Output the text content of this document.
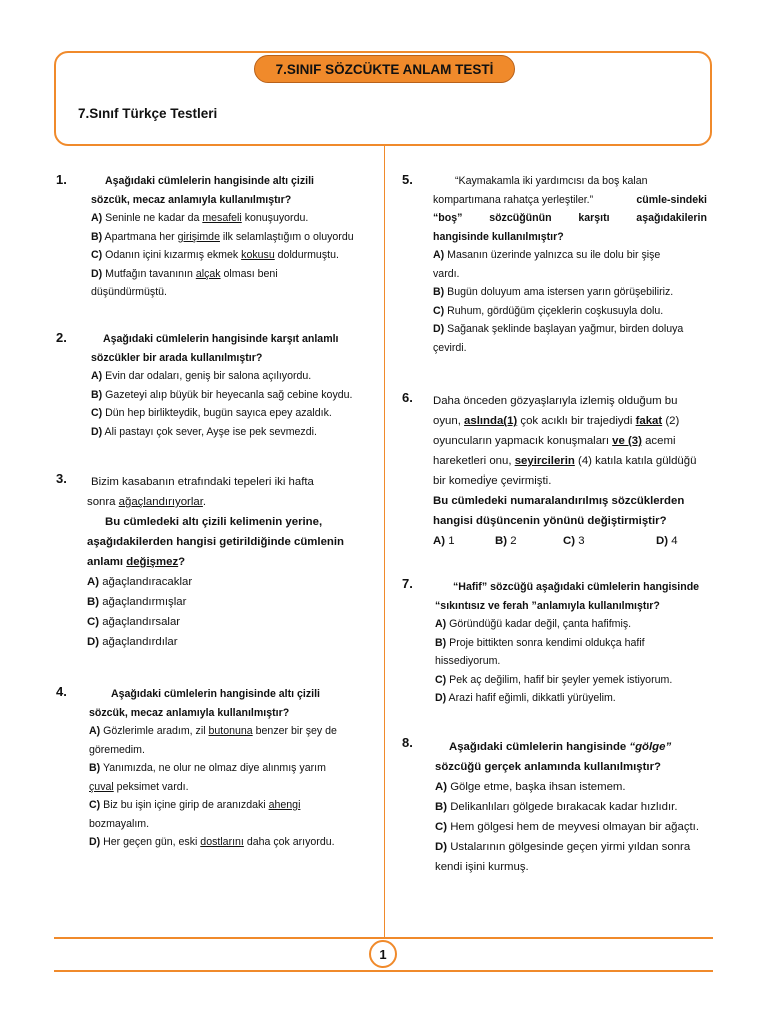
7.SINIF SÖZCÜKTE ANLAM TESTİ
7.Sınıf Türkçe Testleri
1
1.	Aşağıdaki cümlelerin hangisinde altı çizili
sözcük, mecaz anlamıyla kullanılmıştır?
A) Seninle ne kadar da mesafeli konuşuyordu.
B) Apartmana her girişimde ilk selamlaştığım o oluyordu
C) Odanın içini kızarmış ekmek kokusu doldurmuştu.
D) Mutfağın tavanının alçak olması beni
düşündürmüştü.
2.	Aşağıdaki cümlelerin hangisinde karşıt anlamlı
sözcükler bir arada kullanılmıştır?
A) Evin dar odaları, geniş bir salona açılıyordu.
B) Gazeteyi alıp büyük bir heyecanla sağ cebine koydu.
C) Dün hep birlikteydik, bugün sayıca epey azaldık.
D) Ali pastayı çok sever, Ayşe ise pek sevmezdi.
3.	Bizim kasabanın etrafındaki tepeleri iki hafta
sonra ağaçlandırıyorlar.
Bu cümledeki altı çizili kelimenin yerine,
aşağıdakilerden hangisi getirildiğinde cümlenin
anlamı değişmez?
A) ağaçlandıracaklar
B) ağaçlandırmışlar
C) ağaçlandırsalar
D) ağaçlandırdılar
4.	Aşağıdaki cümlelerin hangisinde altı çizili
sözcük, mecaz anlamıyla kullanılmıştır?
A) Gözlerimle aradım, zil butonuna benzer bir şey de
göremedim.
B) Yanımızda, ne olur ne olmaz diye alınmış yarım
çuval peksimet vardı.
C) Biz bu işin içine girip de aranızdaki ahengi
bozmayalım.
D) Her geçen gün, eski dostlarını daha çok arıyordu.
5.	“Kaymakamla iki yardımcısı da boş kalan
kompartımana rahatça yerleştiler.”	cümle-sindeki
“boş”	sözcüğünün	karşıtı	aşağıdakilerin
hangisinde kullanılmıştır?
A) Masanın üzerinde yalnızca su ile dolu bir şişe
vardı.
B) Bugün doluyum ama istersen yarın görüşebiliriz.
C) Ruhum, gördüğüm çiçeklerin coşkusuyla dolu.
D) Sağanak şeklinde başlayan yağmur, birden doluya
çevirdi.
6. Daha önceden gözyaşlarıyla izlemiş olduğum bu
oyun, aslında(1) çok acıklı bir trajediydi fakat (2)
oyuncuların yapmacık konuşmaları ve (3) acemi
hareketleri onu, seyircilerin (4) katıla katıla güldüğü
bir komedi̇ye çevirmişti.
Bu cümledeki numaralandırılmış sözcüklerden
hangisi düşüncenin yönünü değiştirmiştir?
A) 1	B) 2	C) 3	D) 4
7.	“Hafif” sözcüğü aşağıdaki cümlelerin hangisinde
“sıkıntısız ve ferah ”anlamıyla kullanılmıştır?
A) Göründüğü kadar değil, çanta hafifmiş.
B) Proje bittikten sonra kendimi oldukça hafif
hissediyorum.
C) Pek aç değilim, hafif bir şeyler yemek istiyorum.
D) Arazi hafif eğimli, dikkatli yürüyelim.
8.	Aşağıdaki cümlelerin hangisinde “gölge”
sözcüğü gerçek anlamında kullanılmıştır?
A) Gölge etme, başka ihsan istemem.
B) Delikanlıları gölgede bırakacak kadar hızlıdır.
C) Hem gölgesi hem de meyvesi olmayan bir ağaçtı.
D) Ustalarının gölgesinde geçen yirmi yıldan sonra
kendi işini kurmuş.
